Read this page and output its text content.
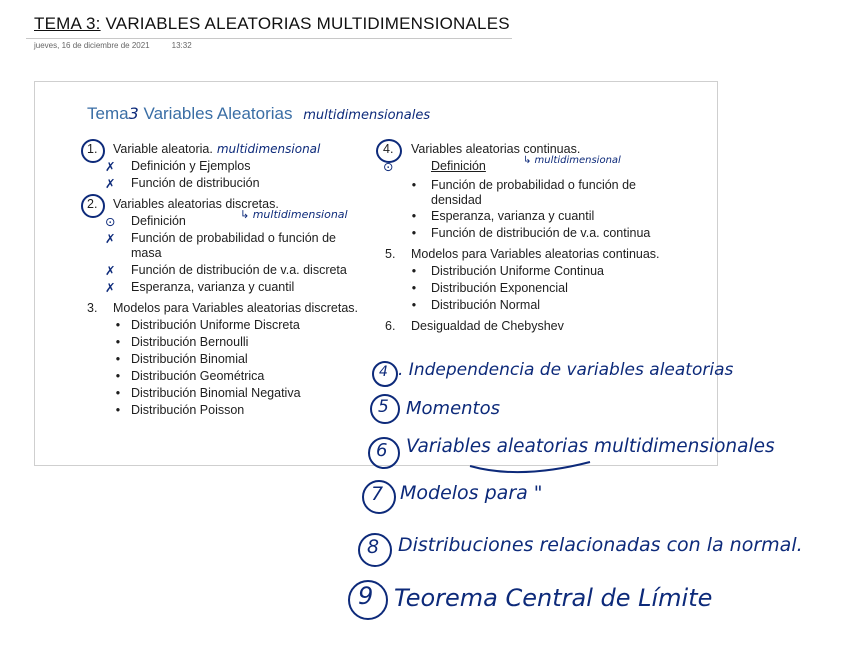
TEMA 3: VARIABLES ALEATORIAS MULTIDIMENSIONALES
jueves, 16 de diciembre de 2021	13:32
Tema3 Variables Aleatorias multidimensionales
1.	Variable aleatoria. multidimensional
✗ Definición y Ejemplos
✗ Función de distribución
2.	Variables aleatorias discretas.
↳ multidimensional
⊙ Definición
✗ Función de probabilidad o función de
masa
✗ Función de distribución de v.a. discreta
✗ Esperanza, varianza y cuantil
3.	Modelos para Variables aleatorias discretas.
• Distribución Uniforme Discreta
• Distribución Bernoulli
• Distribución Binomial
• Distribución Geométrica
• Distribución Binomial Negativa
• Distribución Poisson
4.	Variables aleatorias continuas.
⊙	Definición	↳ multidimensional
• Función de probabilidad o función de
densidad
• Esperanza, varianza y cuantil
• Función de distribución de v.a. continua
5.	Modelos para Variables aleatorias continuas.
• Distribución Uniforme Continua
• Distribución Exponencial
• Distribución Normal
6.	Desigualdad de Chebyshev
4 . Independencia de variables aleatorias
5 Momentos
6 Variables aleatorias multidimensionales
7 Modelos para "
8 Distribuciones relacionadas con la normal.
9 Teorema Central de Límite
